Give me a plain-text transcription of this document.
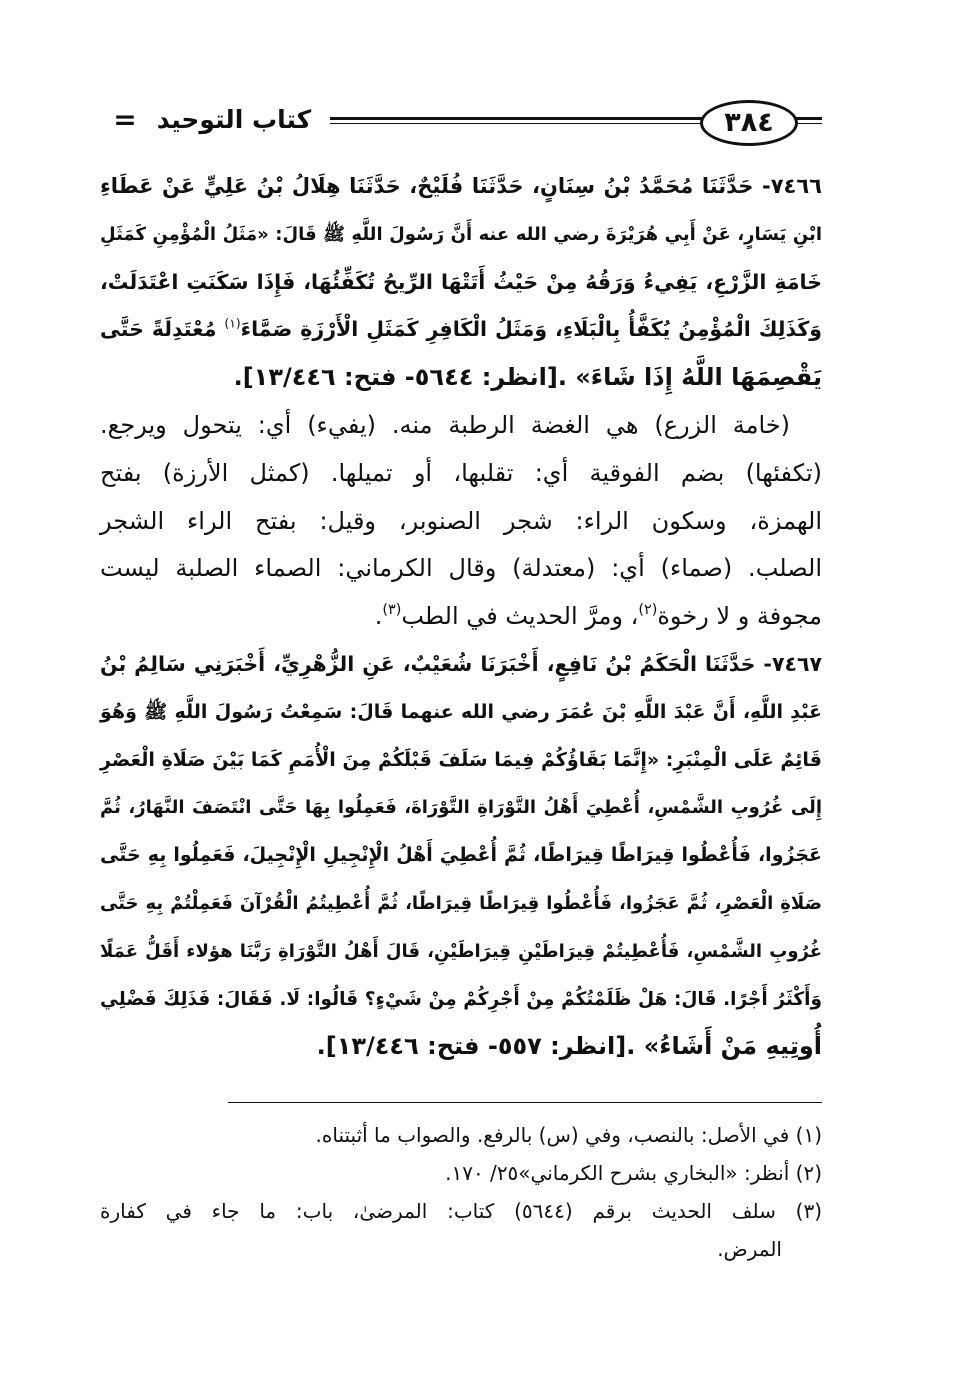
= كتاب التوحيد	٣٨٤
٧٤٦٦- حَدَّثَنَا مُحَمَّدُ بْنُ سِنَانٍ، حَدَّثَنَا فُلَيْحٌ، حَدَّثَنَا هِلَالُ بْنُ عَلِيٍّ عَنْ عَطَاءِ
ابْنِ يَسَارٍ، عَنْ أَبِي هُرَيْرَةَ رضي الله عنه أَنَّ رَسُولَ اللَّهِ ﷺ قَالَ: «مَثَلُ الْمُؤْمِنِ كَمَثَلِ
خَامَةِ الزَّرْعِ، يَفِيءُ وَرَقُهُ مِنْ حَيْثُ أَتَتْهَا الرِّيحُ تُكَفِّئُهَا، فَإِذَا سَكَنَتِ اعْتَدَلَتْ،
وَكَذَلِكَ الْمُؤْمِنُ يُكَفَّأُ بِالْبَلَاءِ، وَمَثَلُ الْكَافِرِ كَمَثَلِ الْأَرْزَةِ صَمَّاءَ$^{(١)}$ مُعْتَدِلَةً حَتَّى
يَقْصِمَهَا اللَّهُ إِذَا شَاءَ» .[انظر: ٥٦٤٤- فتح: ١٣/٤٤٦].
(خامة الزرع) هي الغضة الرطبة منه. (يفيء) أي: يتحول ويرجع.
(تكفئها) بضم الفوقية أي: تقلبها، أو تميلها. (كمثل الأرزة) بفتح
الهمزة، وسكون الراء: شجر الصنوبر، وقيل: بفتح الراء الشجر
الصلب. (صماء) أي: (معتدلة) وقال الكرماني: الصماء الصلبة ليست
مجوفة و لا رخوة$^{(٢)}$، ومرَّ الحديث في الطب$^{(٣)}$.
٧٤٦٧- حَدَّثَنَا الْحَكَمُ بْنُ نَافِعٍ، أَخْبَرَنَا شُعَيْبٌ، عَنِ الزُّهْرِيِّ، أَخْبَرَنِي سَالِمُ بْنُ
عَبْدِ اللَّهِ، أَنَّ عَبْدَ اللَّهِ بْنَ عُمَرَ رضي الله عنهما قَالَ: سَمِعْتُ رَسُولَ اللَّهِ ﷺ وَهُوَ
قَائِمٌ عَلَى الْمِنْبَرِ: «إِنَّمَا بَقَاؤُكُمْ فِيمَا سَلَفَ قَبْلَكُمْ مِنَ الْأُمَمِ كَمَا بَيْنَ صَلَاةِ الْعَصْرِ
إِلَى غُرُوبِ الشَّمْسِ، أُعْطِيَ أَهْلُ التَّوْرَاةِ التَّوْرَاةَ، فَعَمِلُوا بِهَا حَتَّى انْتَصَفَ النَّهَارُ، ثُمَّ
عَجَزُوا، فَأُعْطُوا قِيرَاطًا قِيرَاطًا، ثُمَّ أُعْطِيَ أَهْلُ الْإِنْجِيلِ الْإِنْجِيلَ، فَعَمِلُوا بِهِ حَتَّى
صَلَاةِ الْعَصْرِ، ثُمَّ عَجَزُوا، فَأُعْطُوا قِيرَاطًا قِيرَاطًا، ثُمَّ أُعْطِيتُمُ الْقُرْآنَ فَعَمِلْتُمْ بِهِ حَتَّى
غُرُوبِ الشَّمْسِ، فَأُعْطِيتُمْ قِيرَاطَيْنِ قِيرَاطَيْنِ، قَالَ أَهْلُ التَّوْرَاةِ رَبَّنَا هؤلاء أَقَلُّ عَمَلًا
وَأَكْثَرُ أَجْرًا. قَالَ: هَلْ ظَلَمْتُكُمْ مِنْ أَجْرِكُمْ مِنْ شَيْءٍ؟ قَالُوا: لَا. فَقَالَ: فَذَلِكَ فَضْلِي
أُوتِيهِ مَنْ أَشَاءُ» .[انظر: ٥٥٧- فتح: ١٣/٤٤٦].
(١) في الأصل: بالنصب، وفي (س) بالرفع. والصواب ما أثبتناه.
(٢) أنظر: «البخاري بشرح الكرماني»٢٥/ ١٧٠.
(٣) سلف الحديث برقم (٥٦٤٤) كتاب: المرضىٰ، باب: ما جاء في كفارة
المرض.
